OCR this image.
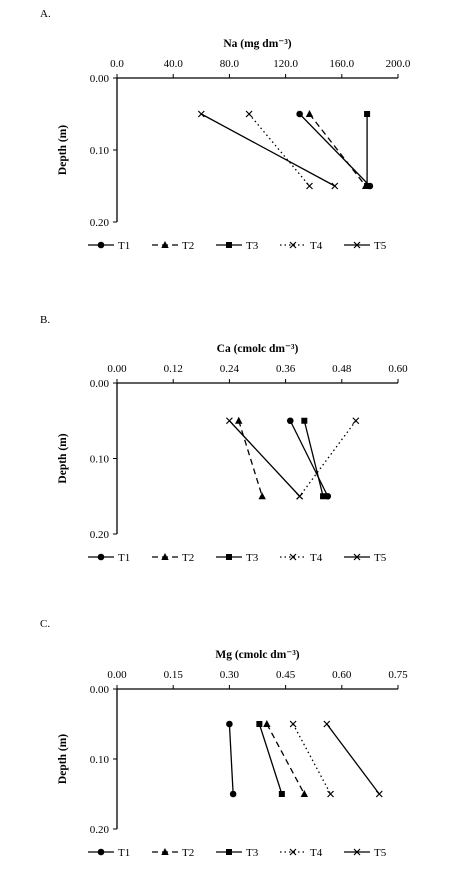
A.
Na (mg dm⁻³)
0.0	40.0	80.0	120.0	160.0	200.0
0.00
0.10
0.20
Depth (m)
T1	T2	T3	T4	T5
B.
Ca (cmolc dm⁻³)
0.00	0.12	0.24	0.36	0.48	0.60
0.00
0.10
0.20
Depth (m)
T1	T2	T3	T4	T5
C.
Mg (cmolc dm⁻³)
0.00	0.15	0.30	0.45	0.60	0.75
0.00
0.10
0.20
Depth (m)
T1	T2	T3	T4	T5
